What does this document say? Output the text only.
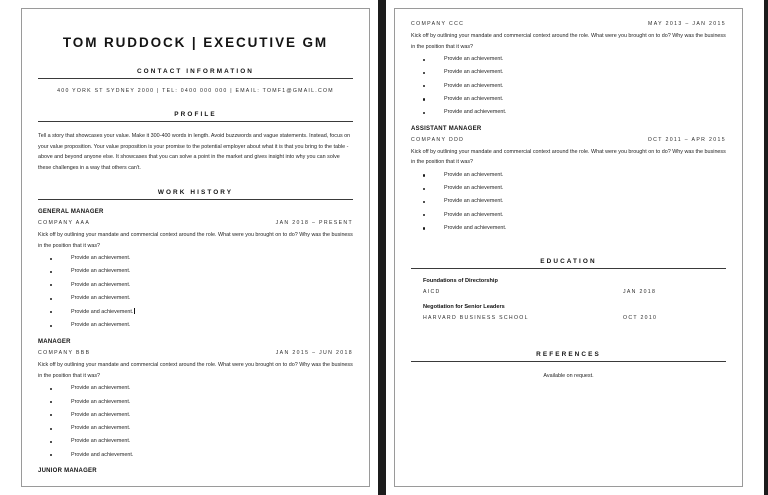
TOM RUDDOCK | EXECUTIVE GM
CONTACT INFORMATION
400 YORK ST SYDNEY 2000 | TEL: 0400 000 000 | EMAIL: TOMF1@GMAIL.COM
PROFILE

Tell a story that showcases your value. Make it 300-400 words in length. Avoid buzzwords and vague statements. Instead, focus on your value proposition. Your value proposition is your promise to the potential employer about what it is that you bring to the table - above and beyond anyone else. It showcases that you can solve a point in the market and gives insight into why you can solve these challenges in a way that others can't.

WORK HISTORY
GENERAL MANAGER
COMPANY AAA	JAN 2018 – PRESENT

Kick off by outlining your mandate and commercial context around the role. What were you brought on to do? Why was the business in the position that it was?

Provide an achievement.
Provide an achievement.
Provide an achievement.
Provide an achievement.
Provide and achievement.
Provide an achievement.
MANAGER
COMPANY BBB	JAN 2015 – JUN 2018

Kick off by outlining your mandate and commercial context around the role. What were you brought on to do? Why was the business in the position that it was?

Provide an achievement.
Provide an achievement.
Provide an achievement.
Provide an achievement.
Provide an achievement.
Provide and achievement.
JUNIOR MANAGER
COMPANY CCC	MAY 2013 – JAN 2015

Kick off by outlining your mandate and commercial context around the role. What were you brought on to do? Why was the business in the position that it was?

Provide an achievement.
Provide an achievement.
Provide an achievement.
Provide an achievement.
Provide and achievement.
ASSISTANT MANAGER
COMPANY DDD	OCT 2011 – APR 2015

Kick off by outlining your mandate and commercial context around the role. What were you brought on to do? Why was the business in the position that it was?

Provide an achievement.
Provide an achievement.
Provide an achievement.
Provide an achievement.
Provide and achievement.
EDUCATION
Foundations of Directorship
AICD	JAN 2018
Negotiation for Senior Leaders
HARVARD BUSINESS SCHOOL	OCT 2010
REFERENCES
Available on request.
